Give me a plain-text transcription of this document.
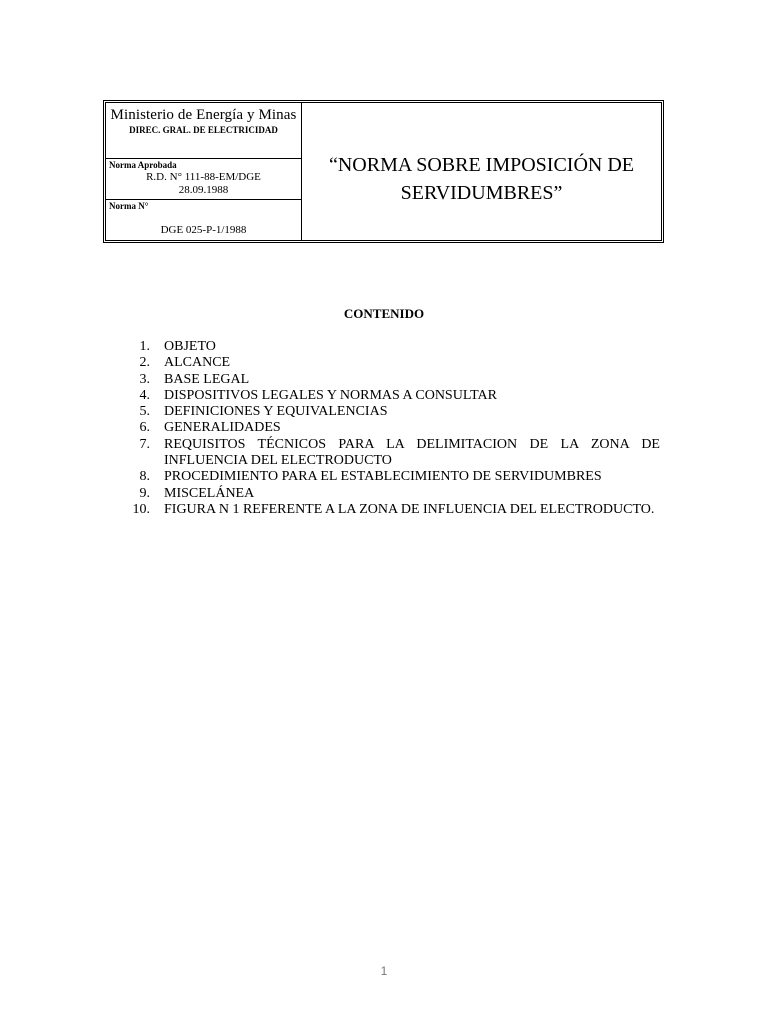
Ministerio de Energía y Minas
DIREC. GRAL. DE ELECTRICIDAD
Norma Aprobada
R.D. N° 111-88-EM/DGE
28.09.1988
Norma N°
DGE 025-P-1/1988
“NORMA SOBRE IMPOSICIÓN DE
SERVIDUMBRES”
CONTENIDO
1. OBJETO
2. ALCANCE
3. BASE LEGAL
4. DISPOSITIVOS LEGALES Y NORMAS A CONSULTAR
5. DEFINICIONES Y EQUIVALENCIAS
6. GENERALIDADES
7. REQUISITOS TÉCNICOS PARA LA DELIMITACION DE LA ZONA DE INFLUENCIA DEL ELECTRODUCTO
8. PROCEDIMIENTO PARA EL ESTABLECIMIENTO DE SERVIDUMBRES
9. MISCELÁNEA
10. FIGURA N 1 REFERENTE A LA ZONA DE INFLUENCIA DEL ELECTRODUCTO.
1
